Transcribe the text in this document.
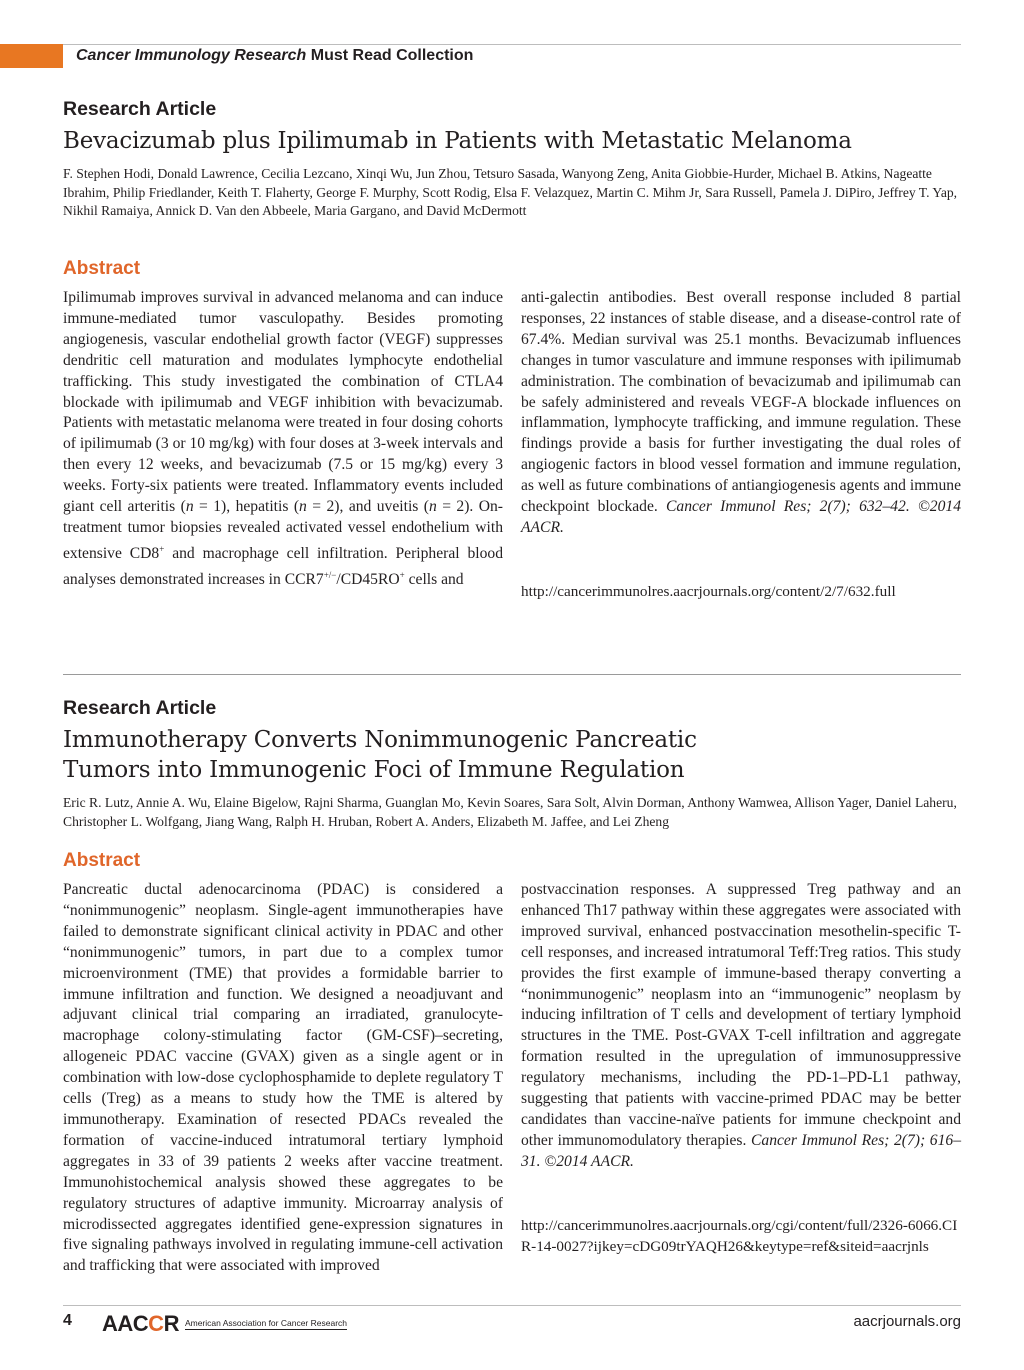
Cancer Immunology Research Must Read Collection
Research Article
Bevacizumab plus Ipilimumab in Patients with Metastatic Melanoma

F. Stephen Hodi, Donald Lawrence, Cecilia Lezcano, Xinqi Wu, Jun Zhou, Tetsuro Sasada, Wanyong Zeng, Anita Giobbie-Hurder, Michael B. Atkins, Nageatte Ibrahim, Philip Friedlander, Keith T. Flaherty, George F. Murphy, Scott Rodig, Elsa F. Velazquez, Martin C. Mihm Jr, Sara Russell, Pamela J. DiPiro, Jeffrey T. Yap, Nikhil Ramaiya, Annick D. Van den Abbeele, Maria Gargano, and David McDermott

Abstract

Ipilimumab improves survival in advanced melanoma and can induce immune-mediated tumor vasculopathy. Besides promoting angiogenesis, vascular endothelial growth factor (VEGF) suppresses dendritic cell maturation and modulates lymphocyte endothelial trafficking. This study investigated the combination of CTLA4 blockade with ipilimumab and VEGF inhibition with bevacizumab. Patients with metastatic melanoma were treated in four dosing cohorts of ipilimumab (3 or 10 mg/kg) with four doses at 3-week intervals and then every 12 weeks, and bevacizumab (7.5 or 15 mg/kg) every 3 weeks. Forty-six patients were treated. Inflammatory events included giant cell arteritis (n = 1), hepatitis (n = 2), and uveitis (n = 2). On-treatment tumor biopsies revealed activated vessel endothelium with extensive CD8+ and macrophage cell infiltration. Peripheral blood analyses demonstrated increases in CCR7+/−/CD45RO+ cells and

anti-galectin antibodies. Best overall response included 8 partial responses, 22 instances of stable disease, and a disease-control rate of 67.4%. Median survival was 25.1 months. Bevacizumab influences changes in tumor vasculature and immune responses with ipilimumab administration. The combination of bevacizumab and ipilimumab can be safely administered and reveals VEGF-A blockade influences on inflammation, lymphocyte trafficking, and immune regulation. These findings provide a basis for further investigating the dual roles of angiogenic factors in blood vessel formation and immune regulation, as well as future combinations of antiangiogenesis agents and immune checkpoint blockade. Cancer Immunol Res; 2(7); 632–42. ©2014 AACR.

http://cancerimmunolres.aacrjournals.org/content/2/7/632.full
Research Article
Immunotherapy Converts Nonimmunogenic Pancreatic
Tumors into Immunogenic Foci of Immune Regulation

Eric R. Lutz, Annie A. Wu, Elaine Bigelow, Rajni Sharma, Guanglan Mo, Kevin Soares, Sara Solt, Alvin Dorman, Anthony Wamwea, Allison Yager, Daniel Laheru, Christopher L. Wolfgang, Jiang Wang, Ralph H. Hruban, Robert A. Anders, Elizabeth M. Jaffee, and Lei Zheng

Abstract

Pancreatic ductal adenocarcinoma (PDAC) is considered a “nonimmunogenic” neoplasm. Single-agent immunotherapies have failed to demonstrate significant clinical activity in PDAC and other “nonimmunogenic” tumors, in part due to a complex tumor microenvironment (TME) that provides a formidable barrier to immune infiltration and function. We designed a neoadjuvant and adjuvant clinical trial comparing an irradiated, granulocyte-macrophage colony-stimulating factor (GM-CSF)–secreting, allogeneic PDAC vaccine (GVAX) given as a single agent or in combination with low-dose cyclophosphamide to deplete regulatory T cells (Treg) as a means to study how the TME is altered by immunotherapy. Examination of resected PDACs revealed the formation of vaccine-induced intratumoral tertiary lymphoid aggregates in 33 of 39 patients 2 weeks after vaccine treatment. Immunohistochemical analysis showed these aggregates to be regulatory structures of adaptive immunity. Microarray analysis of microdissected aggregates identified gene-expression signatures in five signaling pathways involved in regulating immune-cell activation and trafficking that were associated with improved

postvaccination responses. A suppressed Treg pathway and an enhanced Th17 pathway within these aggregates were associated with improved survival, enhanced postvaccination mesothelin-specific T-cell responses, and increased intratumoral Teff:Treg ratios. This study provides the first example of immune-based therapy converting a “nonimmunogenic” neoplasm into an “immunogenic” neoplasm by inducing infiltration of T cells and development of tertiary lymphoid structures in the TME. Post-GVAX T-cell infiltration and aggregate formation resulted in the upregulation of immunosuppressive regulatory mechanisms, including the PD-1–PD-L1 pathway, suggesting that patients with vaccine-primed PDAC may be better candidates than vaccine-naïve patients for immune checkpoint and other immunomodulatory therapies. Cancer Immunol Res; 2(7); 616–31. ©2014 AACR.

http://cancerimmunolres.aacrjournals.org/cgi/content/full/2326-6066.CIR-14-0027?ijkey=cDG09trYAQH26&keytype=ref&siteid=aacrjnls
4 AACCR American Association for Cancer Research	aacrjournals.org
